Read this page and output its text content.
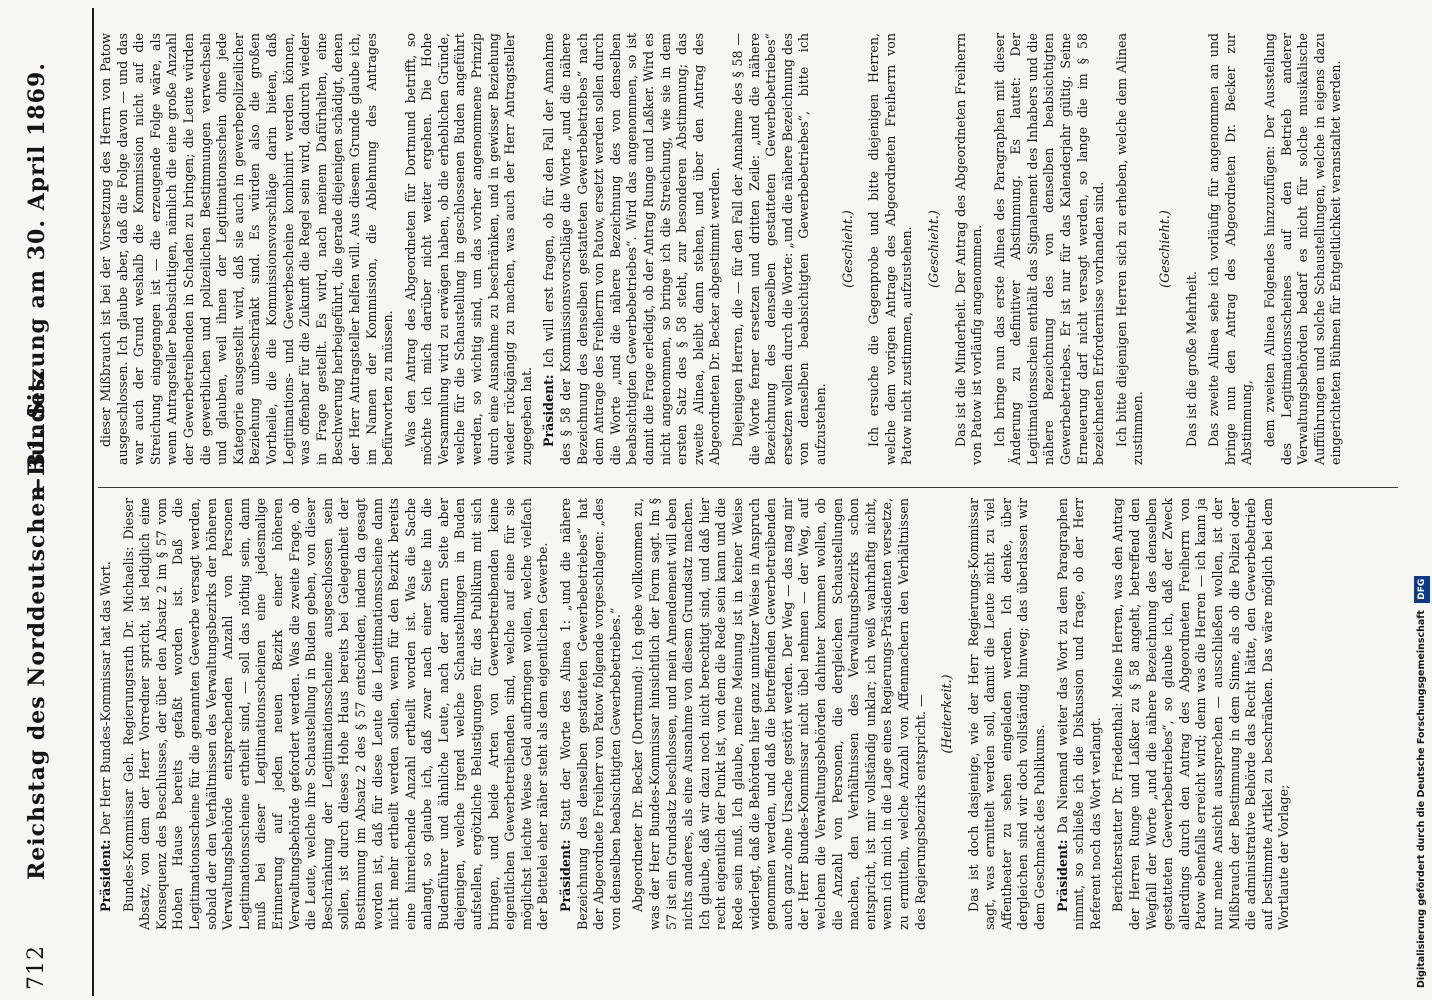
712
Reichstag des Norddeutschen Bundes.
— 31. Sitzung am 30. April 1869.

Präsident: Der Herr Bundes-Kommissar hat das Wort. Bundes-Kommissar Geh. Regierungsrath Dr. Michaelis: Dieser Absatz, von dem der Herr Vorredner spricht, ist lediglich eine Konsequenz des Beschlusses, der über den Absatz 2 im § 57 vom Hohen Hause bereits gefaßt worden ist. Daß die Legitimationsscheine für die genannten Gewerbe versagt werden, sobald der den Verhältnissen des Verwaltungsbezirks der höheren Verwaltungsbehörde entsprechenden Anzahl von Personen Legitimationsscheine ertheilt sind, — soll das nöthig sein, dann muß bei dieser Legitimationsscheinen eine jedesmalige Erinnerung auf jeden neuen Bezirk einer höheren Verwaltungsbehörde gefordert werden. Was die zweite Frage, ob die Leute, welche ihre Schaustellung in Buden geben, von dieser Beschränkung der Legitimationsscheine ausgeschlossen sein sollen, ist durch dieses Hohe Haus bereits bei Gelegenheit der Bestimmung im Absatz 2 des § 57 entschieden, indem da gesagt worden ist, daß für diese Leute die Legitimationsscheine dann nicht mehr ertheilt werden sollen, wenn für den Bezirk bereits eine hinreichende Anzahl ertheilt worden ist. Was die Sache anlangt, so glaube ich, daß zwar nach einer Seite hin die Budenführer und ähnliche Leute, nach der andern Seite aber diejenigen, welche irgend welche Schaustellungen in Buden aufstellen, ergötzliche Belustigungen für das Publikum mit sich bringen, und beide Arten von Gewerbetreibenden keine eigentlichen Gewerbetreibenden sind, welche auf eine für sie möglichst leichte Weise Geld aufbringen wollen, welche vielfach der Bettelei eher näher steht als dem eigentlichen Gewerbe. Präsident: Statt der Worte des Alinea 1: „und die nähere Bezeichnung des denselben gestatteten Gewerbebetriebes“ hat der Abgeordnete Freiherr von Patow folgende vorgeschlagen: „des von denselben beabsichtigten Gewerbebetriebes.“ Abgeordneter Dr. Becker (Dortmund): Ich gebe vollkommen zu, was der Herr Bundes-Kommissar hinsichtlich der Form sagt. Im § 57 ist ein Grundsatz beschlossen, und mein Amendement will eben nichts anderes, als eine Ausnahme von diesem Grundsatz machen. Ich glaube, daß wir dazu noch nicht berechtigt sind, und daß hier recht eigentlich der Punkt ist, von dem die Rede sein kann und die Rede sein muß. Ich glaube, meine Meinung ist in keiner Weise widerlegt, daß die Behörden hier ganz unnützer Weise in Anspruch genommen werden, und daß die betreffenden Gewerbetreibenden auch ganz ohne Ursache gestört werden. Der Weg — das mag mir der Herr Bundes-Kommissar nicht übel nehmen — der Weg, auf welchem die Verwaltungsbehörden dahinter kommen wollen, ob die Anzahl von Personen, die dergleichen Schaustellungen machen, den Verhältnissen des Verwaltungsbezirks schon entspricht, ist mir vollständig unklar; ich weiß wahrhaftig nicht, wenn ich mich in die Lage eines Regierungs-Präsidenten versetze, zu ermitteln, welche Anzahl von Affenmachern den Verhältnissen des Regierungsbezirks entspricht. — (Heiterkeit.) Das ist doch dasjenige, wie der Herr Regierungs-Kommissar sagt, was ermittelt werden soll, damit die Leute nicht zu viel Affentheater zu sehen eingeladen werden. Ich denke, über dergleichen sind wir doch vollständig hinweg; das überlassen wir dem Geschmack des Publikums. Präsident: Da Niemand weiter das Wort zu dem Paragraphen nimmt, so schließe ich die Diskussion und frage, ob der Herr Referent noch das Wort verlangt. Berichterstatter Dr. Friedenthal: Meine Herren, was den Antrag der Herren Runge und Laßker zu § 58 angeht, betreffend den Wegfall der Worte „und die nähere Bezeichnung des denselben gestatteten Gewerbebetriebes“, so glaube ich, daß der Zweck allerdings durch den Antrag des Abgeordneten Freiherrn von Patow ebenfalls erreicht wird; denn was die Herren — ich kann ja nur meine Ansicht aussprechen — ausschließen wollen, ist der Mißbrauch der Bestimmung in dem Sinne, als ob die Polizei oder die administrative Behörde das Recht hätte, den Gewerbebetrieb auf bestimmte Artikel zu beschränken. Das wäre möglich bei dem Wortlaute der Vorlage;

dieser Mißbrauch ist bei der Vorsetzung des Herrn von Patow ausgeschlossen. Ich glaube aber, daß die Folge davon — und das war auch der Grund weshalb die Kommission nicht auf die Streichung eingegangen ist — die erzeugende Folge wäre, als wenn Antragsteller beabsichtigen, nämlich die eine große Anzahl der Gewerbetreibenden in Schaden zu bringen; die Leute würden die gewerblichen und polizeilichen Bestimmungen verwechseln und glauben, weil ihnen der Legitimationsschein ohne jede Kategorie ausgestellt wird, daß sie auch in gewerbepolizeilicher Beziehung unbeschränkt sind. Es würden also die großen Vortheile, die die Kommissionsvorschläge darin bieten, daß Legitimations- und Gewerbescheine kombinirt werden können, was offenbar für die Zukunft die Regel sein wird, dadurch wieder in Frage gestellt. Es wird, nach meinem Dafürhalten, eine Beschwerung herbeigeführt, die gerade diejenigen schädigt, denen der Herr Antragsteller helfen will. Aus diesem Grunde glaube ich, im Namen der Kommission, die Ablehnung des Antrages befürworten zu müssen. Was den Antrag des Abgeordneten für Dortmund betrifft, so möchte ich mich darüber nicht weiter ergehen. Die Hohe Versammlung wird zu erwägen haben, ob die erheblichen Gründe, welche für die Schaustellung in geschlossenen Buden angeführt werden, so wichtig sind, um das vorher angenommene Prinzip durch eine Ausnahme zu beschränken, und in gewisser Beziehung wieder rückgängig zu machen, was auch der Herr Antragsteller zugegeben hat. Präsident: Ich will erst fragen, ob für den Fall der Annahme des § 58 der Kommissionsvorschläge die Worte „und die nähere Bezeichnung des denselben gestatteten Gewerbebetriebes“ nach dem Antrage des Freiherrn von Patow, ersetzt werden sollen durch die Worte „und die nähere Bezeichnung des von denselben beabsichtigten Gewerbebetriebes“. Wird das angenommen, so ist damit die Frage erledigt, ob der Antrag Runge und Laßker. Wird es nicht angenommen, so bringe ich die Streichung, wie sie in dem ersten Satz des § 58 steht, zur besonderen Abstimmung; das zweite Alinea, bleibt dann stehen, und über den Antrag des Abgeordneten Dr. Becker abgestimmt werden. Diejenigen Herren, die — für den Fall der Annahme des § 58 — die Worte ferner ersetzen und dritten Zeile: „und die nähere Bezeichnung des denselben gestatteten Gewerbebetriebes“ ersetzen wollen durch die Worte: „und die nähere Bezeichnung des von denselben beabsichtigten Gewerbebetriebes“, bitte ich aufzustehen.

(Geschieht.) Ich ersuche die Gegenprobe und bitte diejenigen Herren, welche dem vorigen Antrage des Abgeordneten Freiherrn von Patow nicht zustimmen, aufzustehen. (Geschieht.) Das ist die Minderheit. Der Antrag des Abgeordneten Freiherrn von Patow ist vorläufig angenommen. Ich bringe nun das erste Alinea des Paragraphen mit dieser Änderung zu definitiver Abstimmung. Es lautet: Der Legitimationsschein enthält das Signalement des Inhabers und die nähere Bezeichnung des von denselben beabsichtigten Gewerbebetriebes. Er ist nur für das Kalenderjahr gültig. Seine Erneuerung darf nicht versagt werden, so lange die im § 58 bezeichneten Erfordernisse vorhanden sind. Ich bitte diejenigen Herren sich zu erheben, welche dem Alinea zustimmen.

(Geschieht.)

Das ist die große Mehrheit. Das zweite Alinea sehe ich vorläufig für angenommen an und bringe nun den Antrag des Abgeordneten Dr. Becker zur Abstimmung, dem zweiten Alinea Folgendes hinzuzufügen: Der Ausstellung des Legitimationsscheines auf den Betrieb anderer Verwaltungsbehörden bedarf es nicht für solche musikalische Aufführungen und solche Schaustellungen, welche in eigens dazu eingerichteten Bühnen für Entgeltlichkeit veranstaltet werden.

Digitalisierung gefördert durch die Deutsche Forschungsgemeinschaft DFG
